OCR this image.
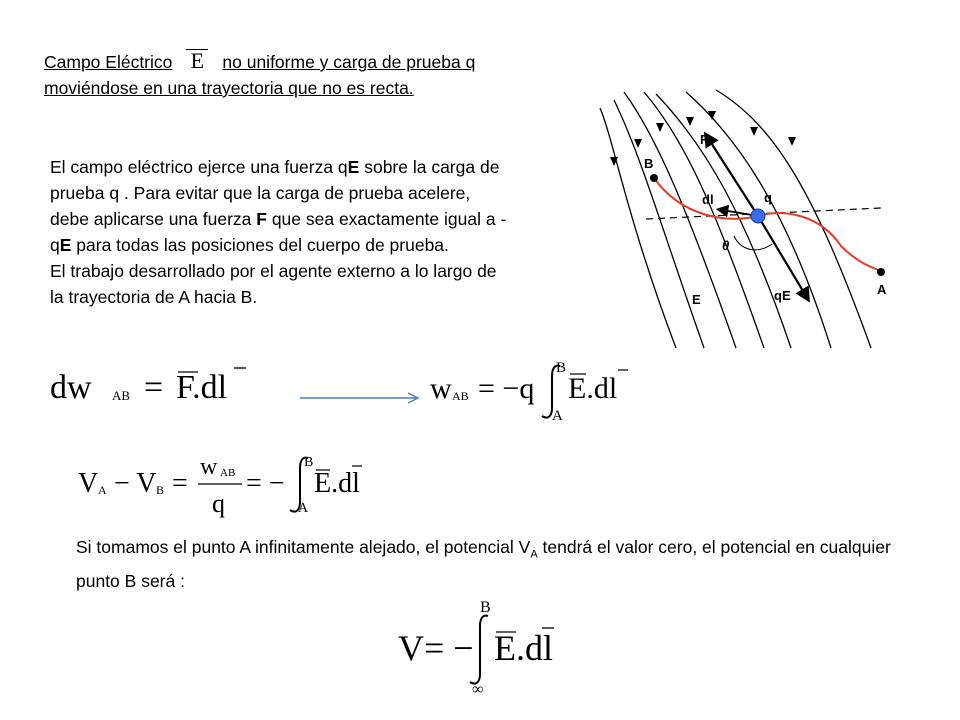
Campo Eléctrico E no uniforme y carga de prueba q moviéndose en una trayectoria que no es recta.
El campo eléctrico ejerce una fuerza qE sobre la carga de prueba q . Para evitar que la carga de prueba acelere, debe aplicarse una fuerza F que sea exactamente igual a -qE para todas las posiciones del cuerpo de prueba.
El trabajo desarrollado por el agente externo a lo largo de la trayectoria de A hacia B.
F
B
q
dl
θ
A
qE
E
dw AB = F.dl	w AB = −q
B
A
E.dl
V A − V B =
w AB
q
= −
B
A
E.dl
Si tomamos el punto A infinitamente alejado, el potencial $V_A$ tendrá el valor cero, el potencial en cualquier punto B será :
V = −
B
∞
E.dl
